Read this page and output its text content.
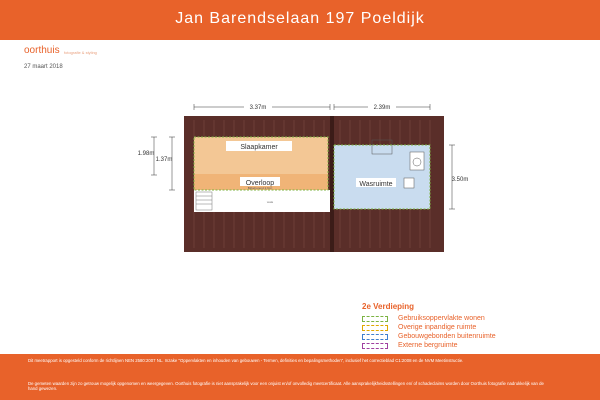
Jan Barendselaan 197 Poeldijk
oorthuis fotografie & styling
27 maart 2018
wala
Slaapkamer
Overloop
Bijbehorend 2,6m²	Wasruimte
3.37m	2.39m
1.98m
1.37m
3.50m
2e Verdieping
Gebruiksoppervlakte wonen
Overige inpandige ruimte
Gebouwgebonden buitenruimte
Externe bergruimte

Dit meetrapport is opgesteld conform de richtlijnen NEN 2580:2007 NL. Inzake "Oppervlakten en inhouden van gebouwen - Termen, definities en bepalingsmethoden", inclusief het correctieblad C1:2008 en de NVM Meetinstructie.

De gemeten waarden zijn zo getrouw mogelijk opgenomen en weergegeven. Oorthuis fotografie is niet aansprakelijk voor een onjuist en/of onvolledig meetcertificaat. Alle aansprakelijkheidsstellingen en/ of schadeclaims worden door Oorthuis fotografie nadrukkelijk van de hand gewezen.
